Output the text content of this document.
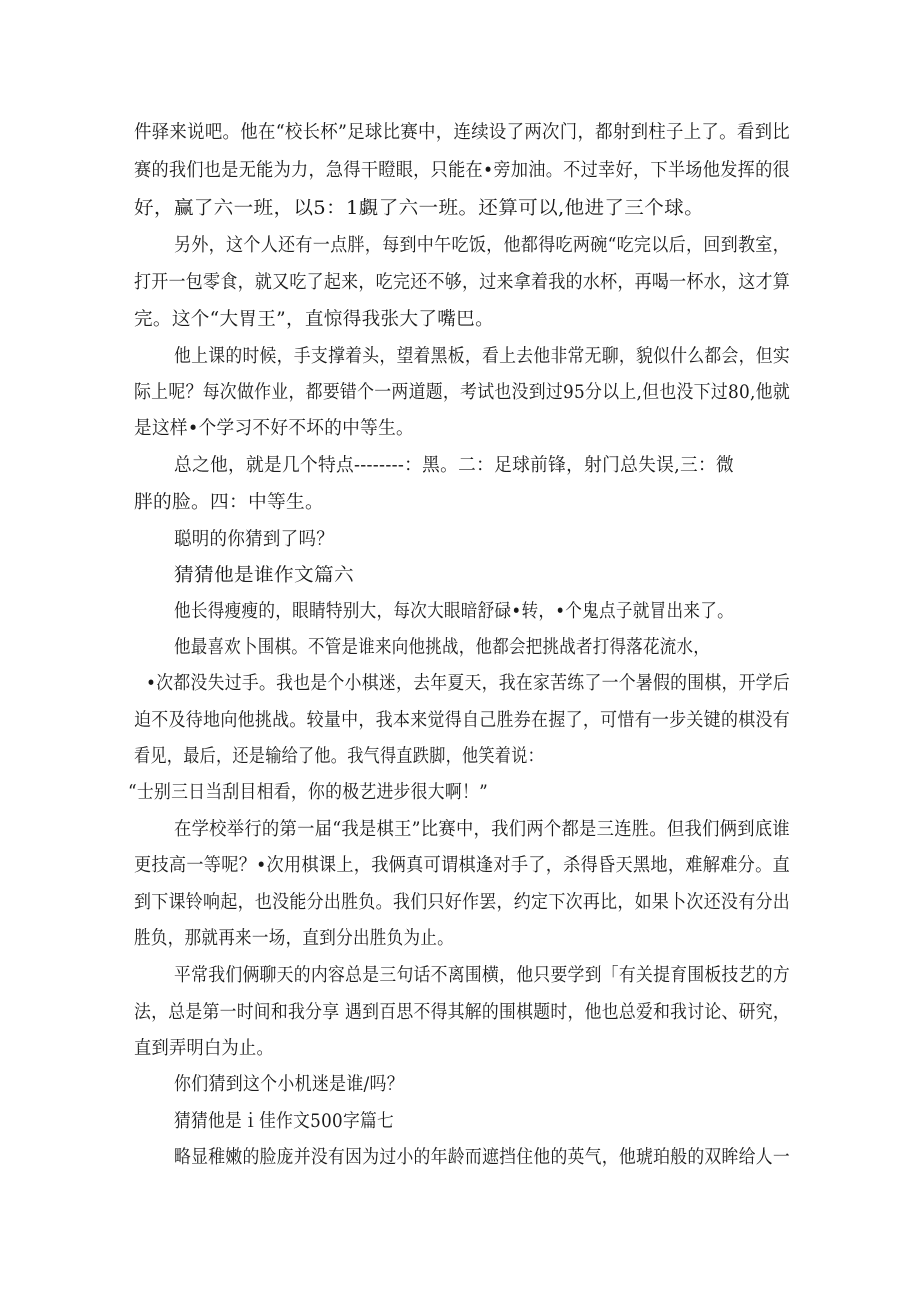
件驿来说吧。他在“校长杯”足球比赛中，连续设了两次门，都射到柱子上了。看到比
赛的我们也是无能为力，急得干瞪眼，只能在•旁加油。不过幸好，下半场他发挥的很
好，赢了六一班，以5：1覷了六一班。还算可以,他进了三个球。
另外，这个人还有一点胖，每到中午吃饭，他都得吃两碗“吃完以后，回到教室，
打开一包零食，就又吃了起来，吃完还不够，过来拿着我的水杯，再喝一杯水，这才算
完。这个“大胃王”，直惊得我张大了嘴巴。
他上课的时候，手支撑着头，望着黑板，看上去他非常无聊，貌似什么都会，但实
际上呢？每次做作业，都要错个一两道题，考试也没到过95分以上,但也没下过80,他就
是这样•个学习不好不坏的中等生。
总之他，就是几个特点--------：黑。二：足球前锋，射门总失误,三：微
胖的脸。四：中等生。
聪明的你猜到了吗？
猜猜他是谁作文篇六
他长得瘦瘦的，眼睛特别大，每次大眼暗舒碌•转，•个鬼点子就冒出来了。
他最喜欢卜围棋。不管是谁来向他挑战，他都会把挑战者打得落花流水，
•次都没失过手。我也是个小棋迷，去年夏天，我在家苦练了一个暑假的围棋，开学后
迫不及待地向他挑战。较量中，我本来觉得自己胜券在握了，可惜有一步关键的棋没有
看见，最后，还是输给了他。我气得直跌脚，他笑着说：
“士别三日当刮目相看，你的极艺进步很大啊！”
在学校举行的第一届“我是棋王”比赛中，我们两个都是三连胜。但我们俩到底谁
更技高一等呢？•次用棋课上，我俩真可谓棋逢对手了，杀得昏天黑地，难解难分。直
到下课铃响起，也没能分出胜负。我们只好作罢，约定下次再比，如果卜次还没有分出
胜负，那就再来一场，直到分出胜负为止。
平常我们俩聊天的内容总是三句话不离围横，他只要学到「有关提育围板技艺的方
法，总是第一时间和我分享 遇到百思不得其解的围棋题时，他也总爱和我讨论、研究，
直到弄明白为止。
你们猜到这个小机迷是谁/吗？
猜猜他是ｉ佳作文500字篇七
略显稚嫩的脸庞并没有因为过小的年龄而遮挡住他的英气，他琥珀般的双眸给人一
